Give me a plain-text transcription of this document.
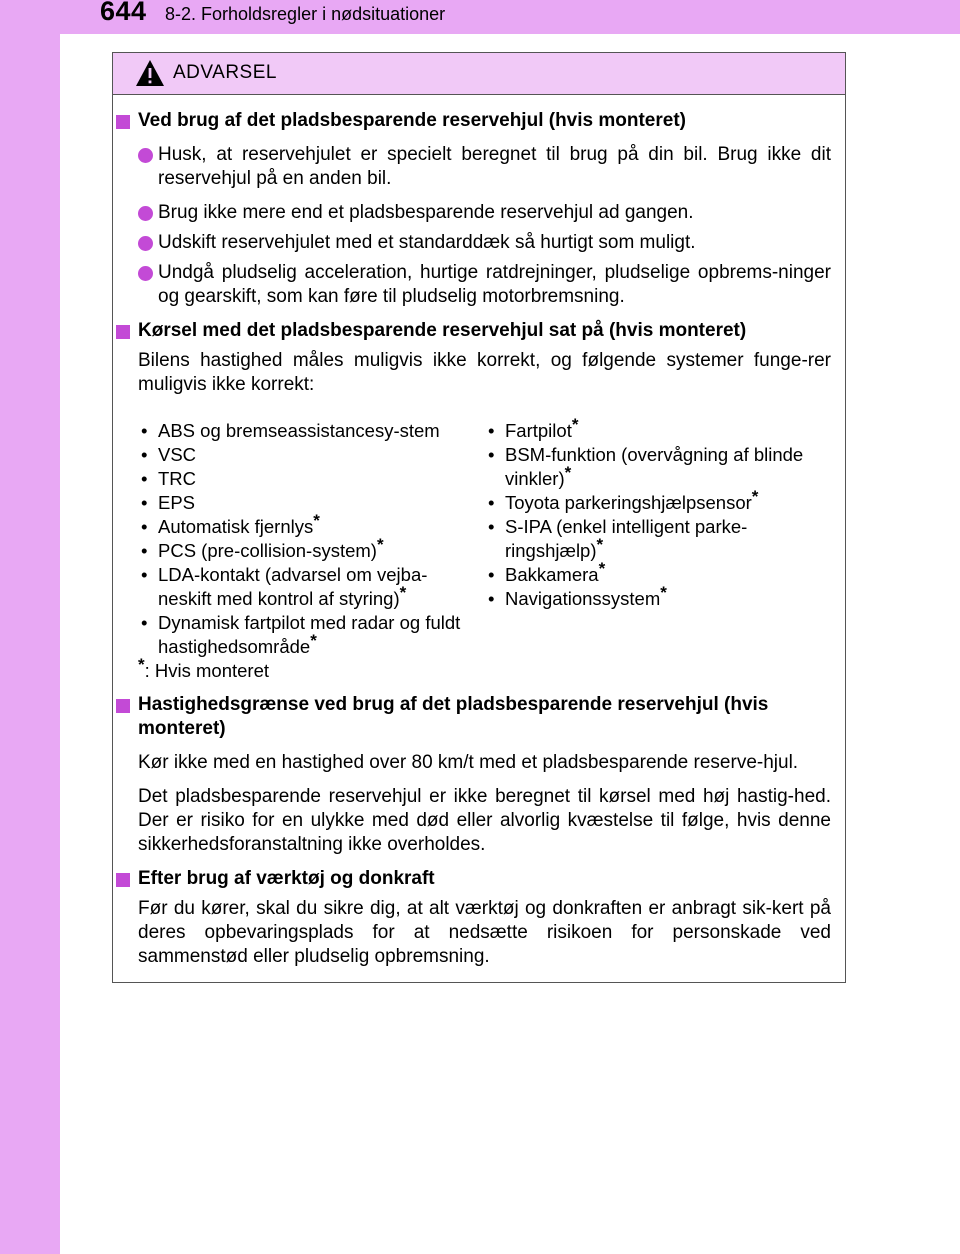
644 8-2. Forholdsregler i nødsituationer
ADVARSEL
Ved brug af det pladsbesparende reservehjul (hvis monteret)
Husk, at reservehjulet er specielt beregnet til brug på din bil. Brug ikke dit reservehjul på en anden bil.
Brug ikke mere end et pladsbesparende reservehjul ad gangen.
Udskift reservehjulet med et standarddæk så hurtigt som muligt.
Undgå pludselig acceleration, hurtige ratdrejninger, pludselige opbrems-ninger og gearskift, som kan føre til pludselig motorbremsning.
Kørsel med det pladsbesparende reservehjul sat på (hvis monteret)
Bilens hastighed måles muligvis ikke korrekt, og følgende systemer funge-rer muligvis ikke korrekt:
• ABS og bremseassistancesy-stem
• VSC
• TRC
• EPS
• Automatisk fjernlys*
• PCS (pre-collision-system)*
• LDA-kontakt (advarsel om vejba-neskift med kontrol af styring)*
• Dynamisk fartpilot med radar og fuldt hastighedsområde*
*: Hvis monteret
• Fartpilot*
• BSM-funktion (overvågning af blinde vinkler)*
• Toyota parkeringshjælpsensor*
• S-IPA (enkel intelligent parke-ringshjælp)*
• Bakkamera*
• Navigationssystem*
Hastighedsgrænse ved brug af det pladsbesparende reservehjul (hvis monteret)
Kør ikke med en hastighed over 80 km/t med et pladsbesparende reserve-hjul.
Det pladsbesparende reservehjul er ikke beregnet til kørsel med høj hastig-hed. Der er risiko for en ulykke med død eller alvorlig kvæstelse til følge, hvis denne sikkerhedsforanstaltning ikke overholdes.
Efter brug af værktøj og donkraft
Før du kører, skal du sikre dig, at alt værktøj og donkraften er anbragt sik-kert på deres opbevaringsplads for at nedsætte risikoen for personskade ved sammenstød eller pludselig opbremsning.
